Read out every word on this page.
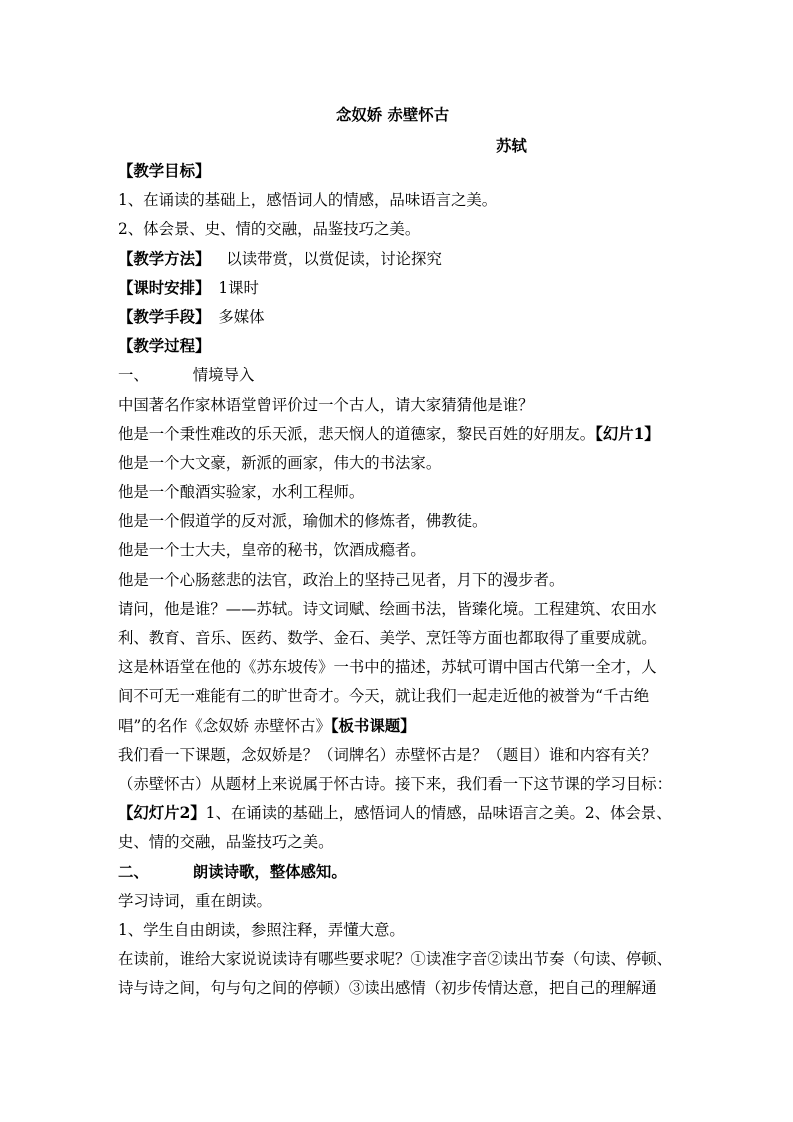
念奴娇 赤壁怀古
苏轼
【教学目标】
1、在诵读的基础上，感悟词人的情感，品味语言之美。
2、体会景、史、情的交融，品鉴技巧之美。
【教学方法】 以读带赏，以赏促读，讨论探究
【课时安排】 1课时
【教学手段】 多媒体
【教学过程】
一、	情境导入
中国著名作家林语堂曾评价过一个古人，请大家猜猜他是谁？
他是一个秉性难改的乐天派，悲天悯人的道德家，黎民百姓的好朋友。【幻片1】
他是一个大文豪，新派的画家，伟大的书法家。
他是一个酿酒实验家，水利工程师。
他是一个假道学的反对派，瑜伽术的修炼者，佛教徒。
他是一个士大夫，皇帝的秘书，饮酒成瘾者。
他是一个心肠慈悲的法官，政治上的坚持己见者，月下的漫步者。
请问，他是谁？——苏轼。诗文词赋、绘画书法，皆臻化境。工程建筑、农田水
利、教育、音乐、医药、数学、金石、美学、烹饪等方面也都取得了重要成就。
这是林语堂在他的《苏东坡传》一书中的描述，苏轼可谓中国古代第一全才，人
间不可无一难能有二的旷世奇才。今天，就让我们一起走近他的被誉为“千古绝
唱”的名作《念奴娇 赤壁怀古》【板书课题】
我们看一下课题，念奴娇是？（词牌名）赤壁怀古是？（题目）谁和内容有关？
（赤壁怀古）从题材上来说属于怀古诗。接下来，我们看一下这节课的学习目标：
【幻灯片2】1、在诵读的基础上，感悟词人的情感，品味语言之美。2、体会景、
史、情的交融，品鉴技巧之美。
二、	朗读诗歌，整体感知。
学习诗词，重在朗读。
1、学生自由朗读，参照注释，弄懂大意。
在读前，谁给大家说说读诗有哪些要求呢？①读准字音②读出节奏（句读、停顿、
诗与诗之间，句与句之间的停顿）③读出感情（初步传情达意，把自己的理解通
